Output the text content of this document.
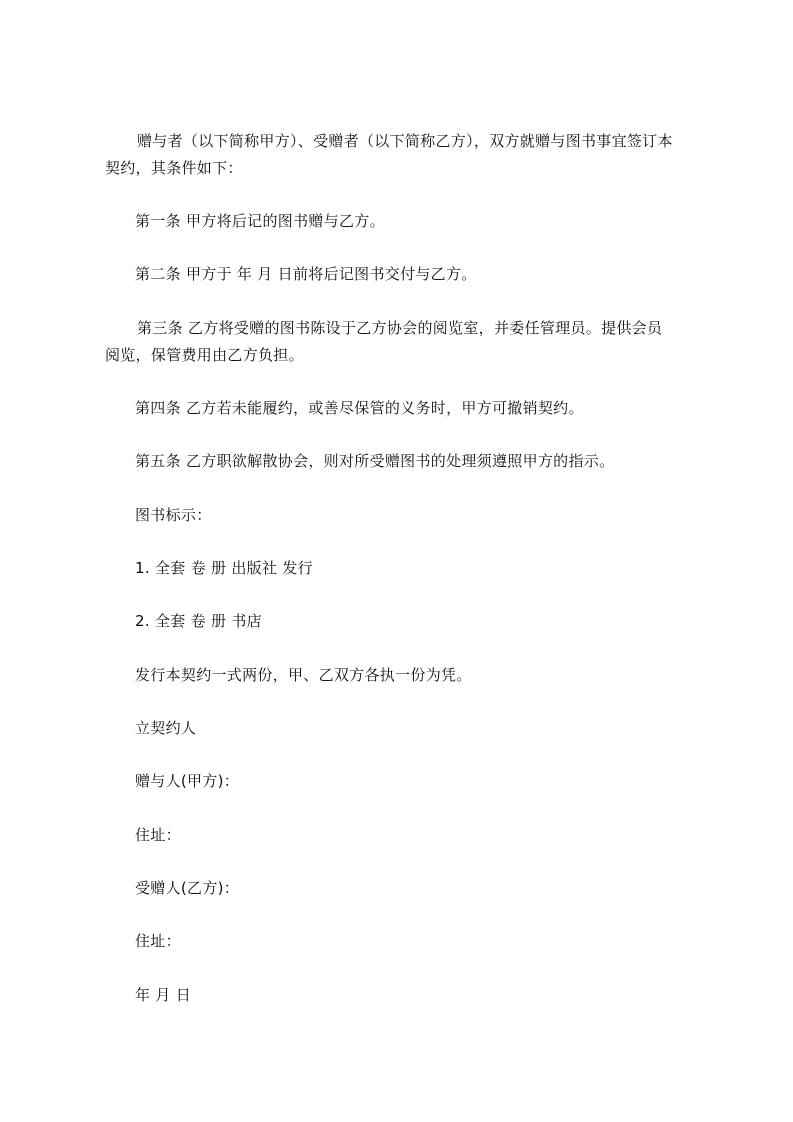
赠与者（以下简称甲方）、受赠者（以下简称乙方），双方就赠与图书事宜签订本

契约，其条件如下：

第一条 甲方将后记的图书赠与乙方。

第二条 甲方于 年 月 日前将后记图书交付与乙方。

第三条 乙方将受赠的图书陈设于乙方协会的阅览室，并委任管理员。提供会员

阅览，保管费用由乙方负担。

第四条 乙方若未能履约，或善尽保管的义务时，甲方可撤销契约。

第五条 乙方职欲解散协会，则对所受赠图书的处理须遵照甲方的指示。

图书标示：

1. 全套 卷 册 出版社 发行

2. 全套 卷 册 书店

发行本契约一式两份，甲、乙双方各执一份为凭。

立契约人

赠与人(甲方)：

住址：

受赠人(乙方)：

住址：

年 月 日
